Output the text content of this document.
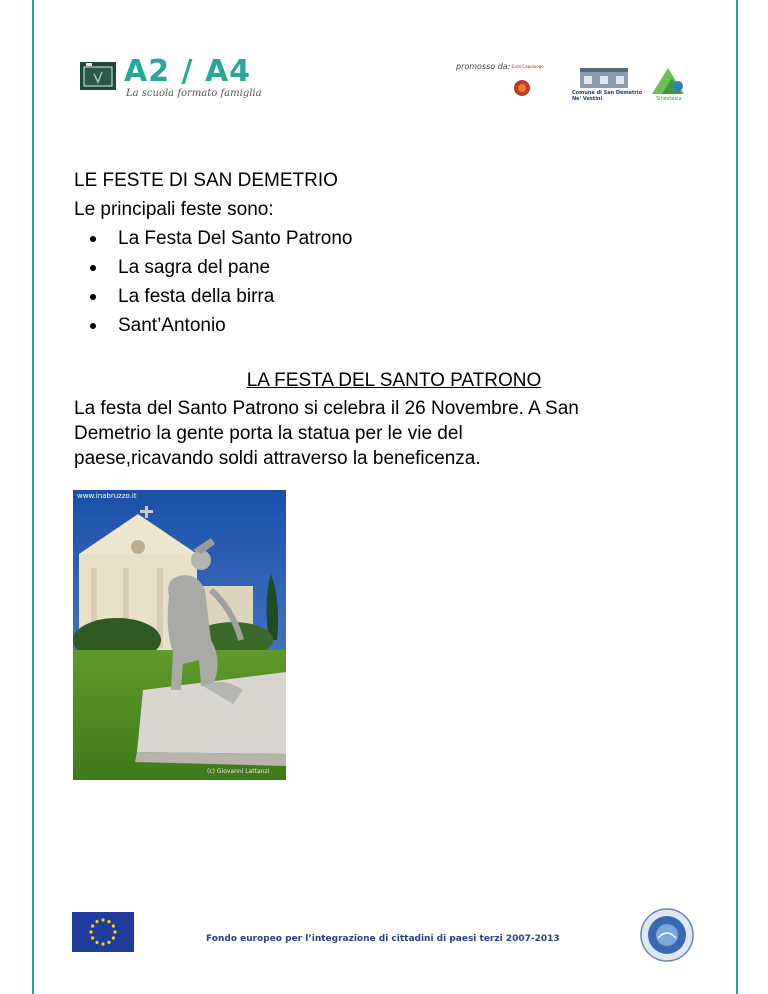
A2 / A4
La scuola formato famiglia
promosso da: Ente Capoluogo
Comune di San Demetrio
Ne' Vestini	Sinestesia
LE FESTE DI SAN DEMETRIO
Le principali feste sono:
La Festa Del Santo Patrono
La sagra del pane
La festa della birra
Sant’Antonio
LA FESTA DEL SANTO PATRONO
La festa del Santo Patrono si celebra il 26 Novembre. A San
Demetrio la gente porta la statua per le vie del
paese,ricavando soldi attraverso la beneficenza.
www.inabruzzo.it
(c) Giovanni Lattanzi
Fondo europeo per l’integrazione di cittadini di paesi terzi 2007-2013
